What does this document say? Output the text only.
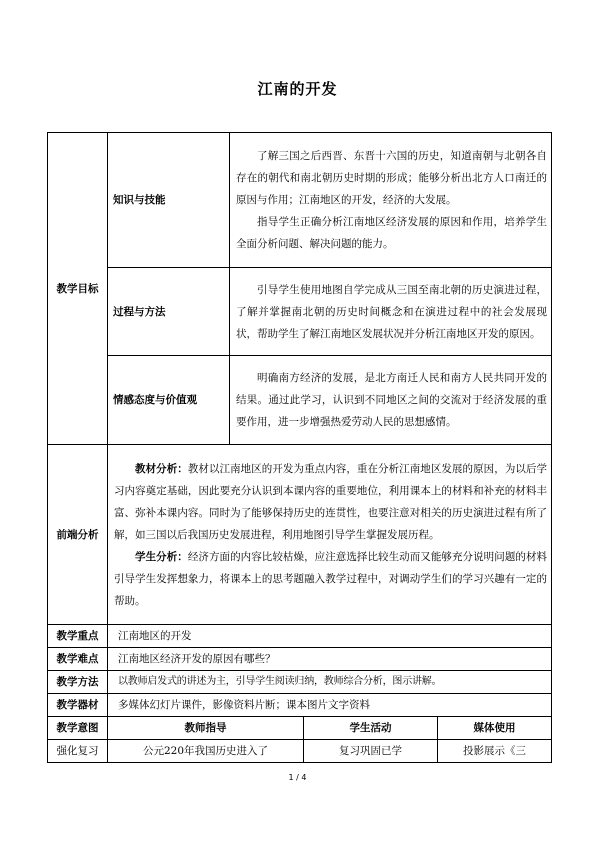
江南的开发
教学目标	知识与技能	了解三国之后西晋、东晋十六国的历史，知道南朝与北朝各自存在的朝代和南北朝历史时期的形成；能够分析出北方人口南迁的原因与作用；江南地区的开发，经济的大发展。

指导学生正确分析江南地区经济发展的原因和作用，培养学生全面分析问题、解决问题的能力。		

	过程与方法	引导学生使用地图自学完成从三国至南北朝的历史演进过程，了解并掌握南北朝的历史时间概念和在演进过程中的社会发展现状，帮助学生了解江南地区发展状况并分析江南地区开发的原因。		

	情感态度与价值观	明确南方经济的发展，是北方南迁人民和南方人民共同开发的结果。通过此学习，认识到不同地区之间的交流对于经济发展的重要作用，进一步增强热爱劳动人民的思想感情。		

前端分析	教材分析：教材以江南地区的开发为重点内容，重在分析江南地区发展的原因，为以后学习内容奠定基础，因此要充分认识到本课内容的重要地位，利用课本上的材料和补充的材料丰富、弥补本课内容。同时为了能够保持历史的连贯性，也要注意对相关的历史演进过程有所了解，如三国以后我国历史发展进程，利用地图引导学生掌握发展历程。

学生分析：经济方面的内容比较枯燥，应注意选择比较生动而又能够充分说明问题的材料引导学生发挥想象力，将课本上的思考题融入教学过程中，对调动学生们的学习兴趣有一定的帮助。			

教学重点	江南地区的开发			
教学难点	江南地区经济开发的原因有哪些？			
教学方法	以教师启发式的讲述为主，引导学生阅读归纳，教师综合分析，图示讲解。			
教学器材	多媒体幻灯片课件，影像资料片断；课本图片文字资料			
教学意图	教师指导		学生活动	媒体使用
强化复习	公元220年我国历史进入了		复习巩固已学	投影展示《三
1 / 4
